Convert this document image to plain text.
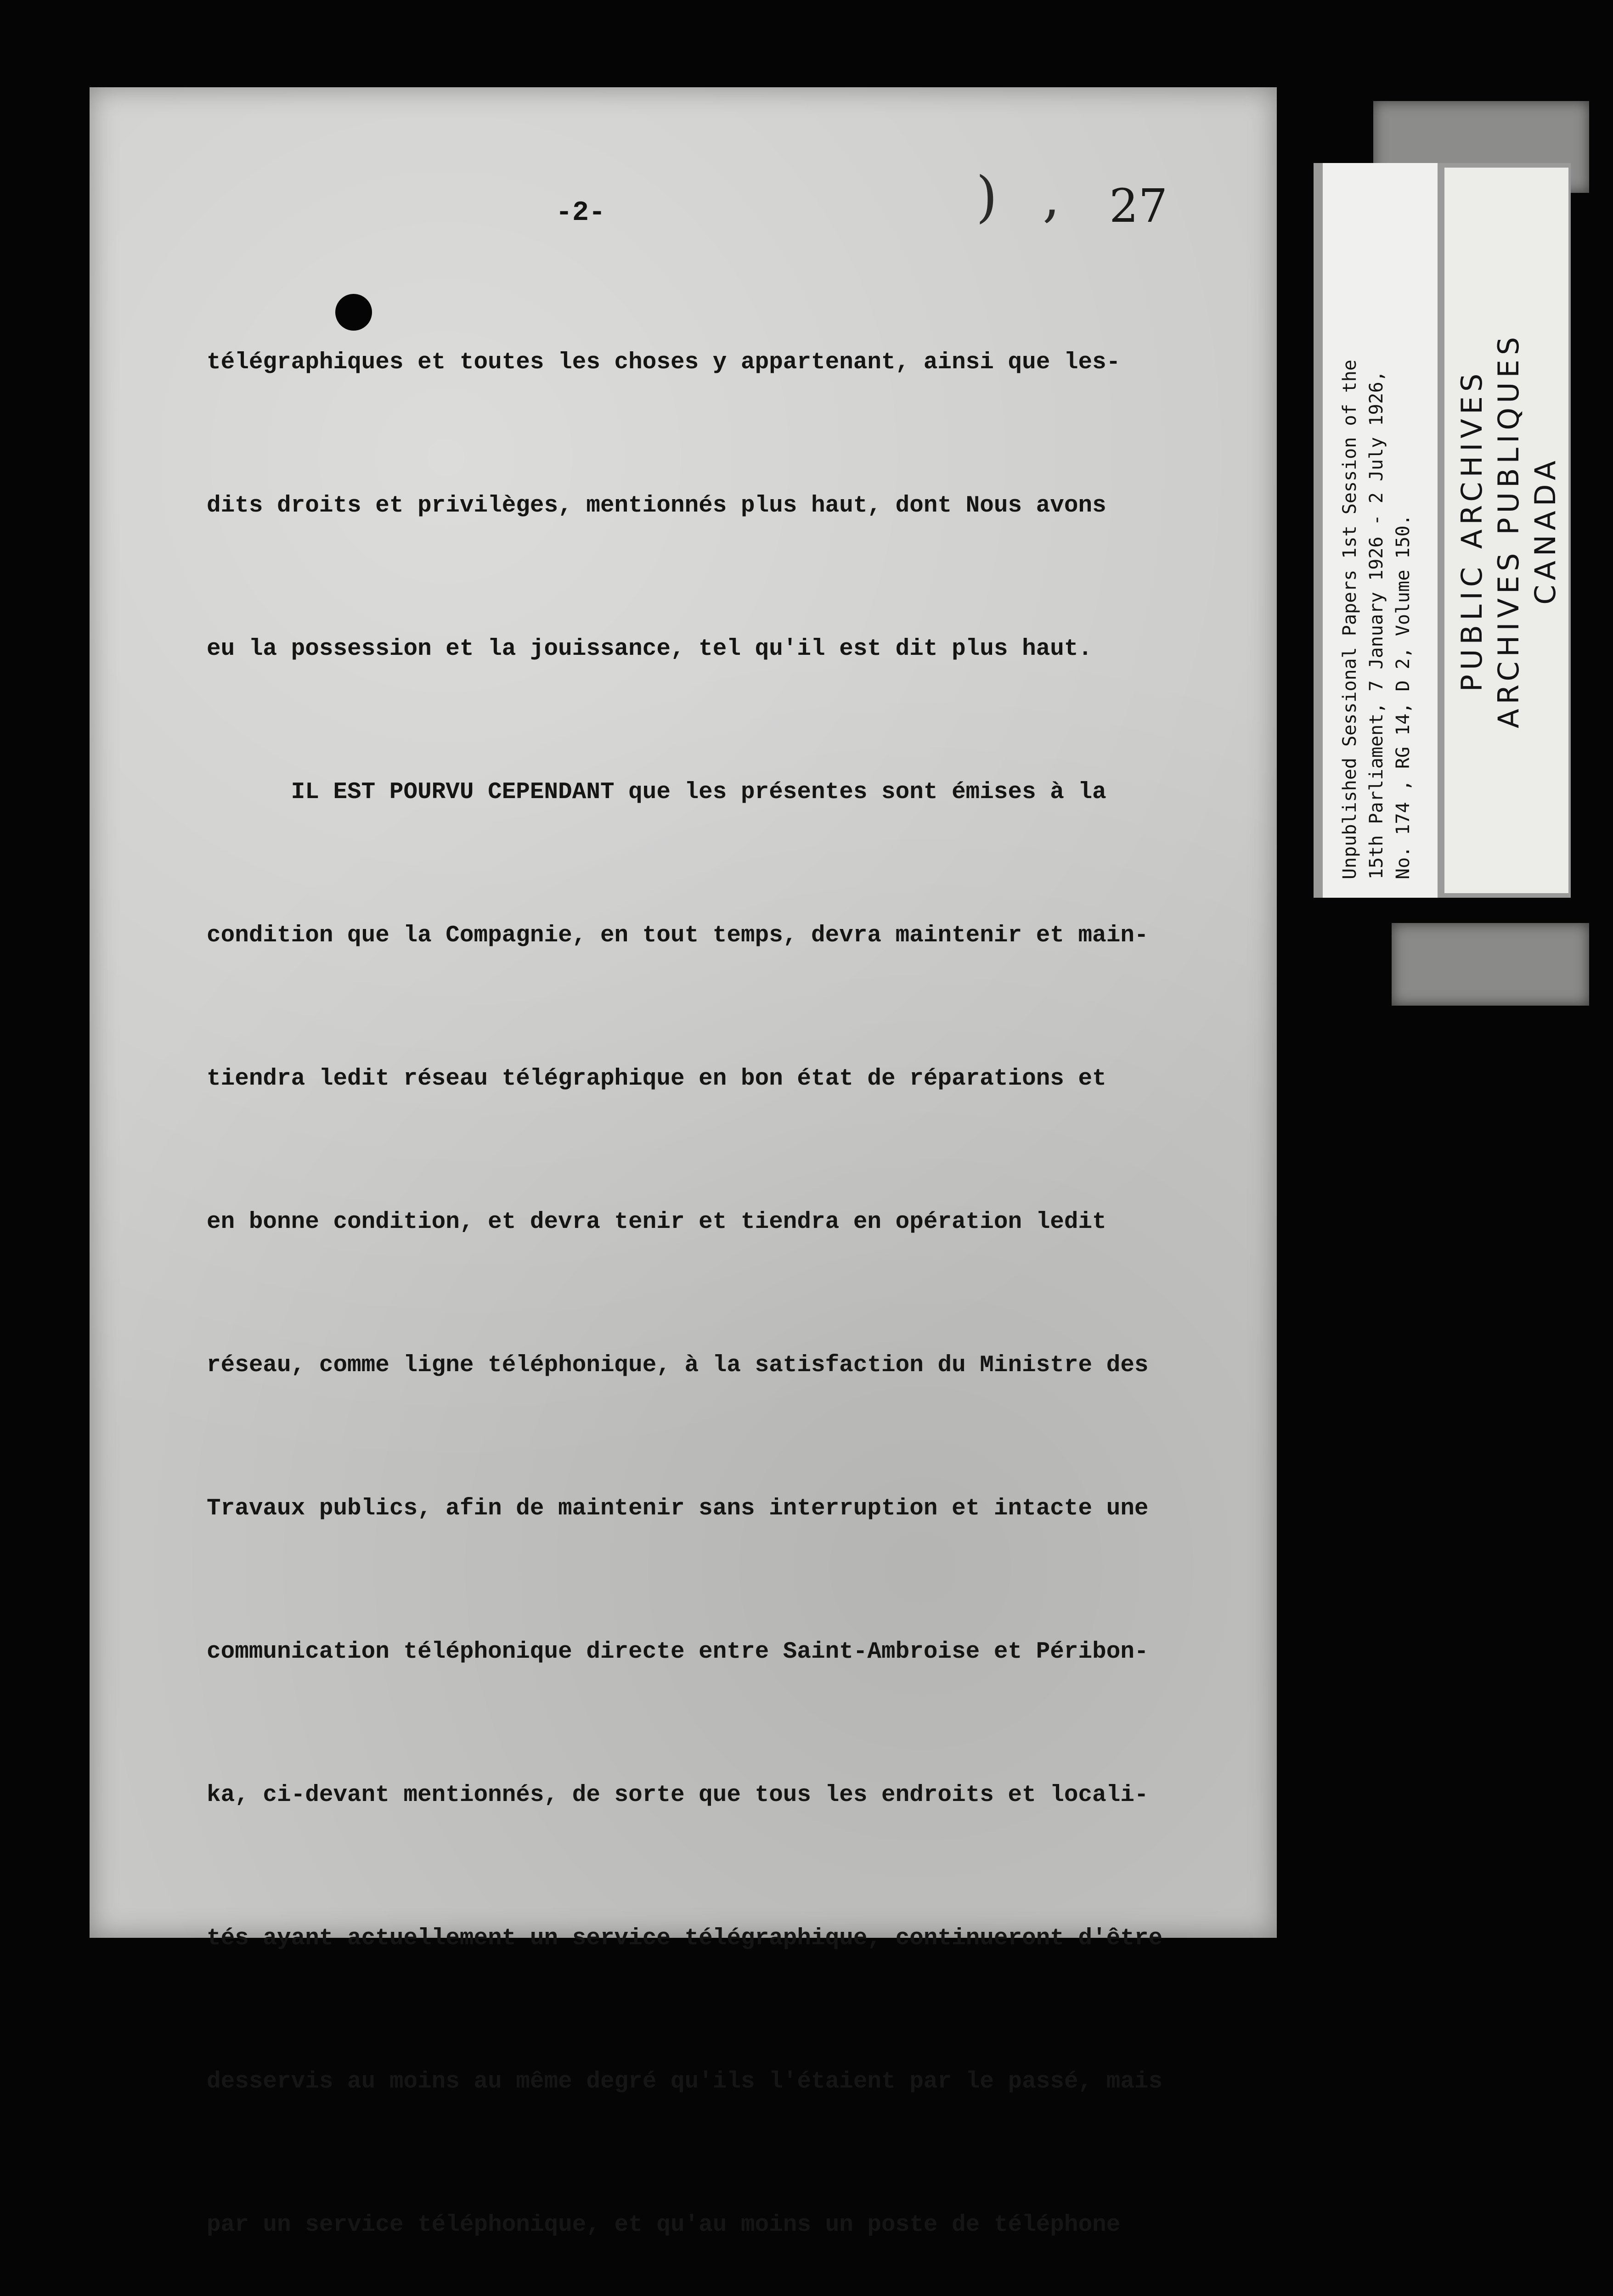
) , 27
-2-

télégraphiques et toutes les choses y appartenant, ainsi que les-

dits droits et privilèges, mentionnés plus haut, dont Nous avons

eu la possession et la jouissance, tel qu'il est dit plus haut.

IL EST POURVU CEPENDANT que les présentes sont émises à la

condition que la Compagnie, en tout temps, devra maintenir et main-

tiendra ledit réseau télégraphique en bon état de réparations et

en bonne condition, et devra tenir et tiendra en opération ledit

réseau, comme ligne téléphonique, à la satisfaction du Ministre des

Travaux publics, afin de maintenir sans interruption et intacte une

communication téléphonique directe entre Saint-Ambroise et Péribon-

ka, ci-devant mentionnés, de sorte que tous les endroits et locali-

tés ayant actuellement un service télégraphique, continueront d'être

desservis au moins au même degré qu'ils l'étaient par le passé, mais

par un service téléphonique, et qu'au moins un poste de téléphone

Unpublished Sessional Papers 1st Session of the 15th Parliament, 7 January 1926 - 2 July 1926, No. 174 , RG 14, D 2, Volume 150. PUBLIC ARCHIVES ARCHIVES PUBLIQUES CANADA
